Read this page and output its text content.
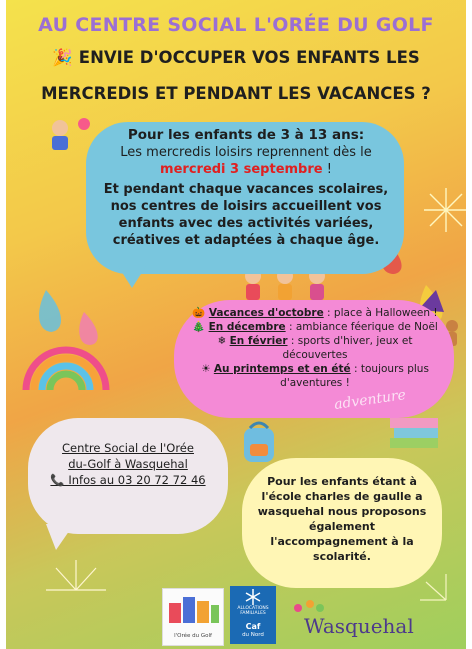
AU CENTRE SOCIAL L'ORÉE DU GOLF
🎉 ENVIE D'OCCUPER VOS ENFANTS LES
MERCREDIS ET PENDANT LES VACANCES ?

Pour les enfants de 3 à 13 ans:

Les mercredis loisirs reprennent dès le

mercredi 3 septembre !

Et pendant chaque vacances scolaires, nos centres de loisirs accueillent vos enfants avec des activités variées, créatives et adaptées à chaque âge.

🎃 Vacances d'octobre : place à Halloween !

🎄 En décembre : ambiance féerique de Noël

❄ En février : sports d'hiver, jeux et découvertes

☀ Au printemps et en été : toujours plus d'aventures !

adventure

Centre Social de l'Orée

du-Golf à Wasquehal

📞 Infos au 03 20 72 72 46	Pour les enfants étant à l'école charles de gaulle a wasquehal nous proposons également l'accompagnement à la scolarité.
l'Orée du Golf
ALLOCATIONS FAMILIALES
Caf
du Nord	Wasquehal
